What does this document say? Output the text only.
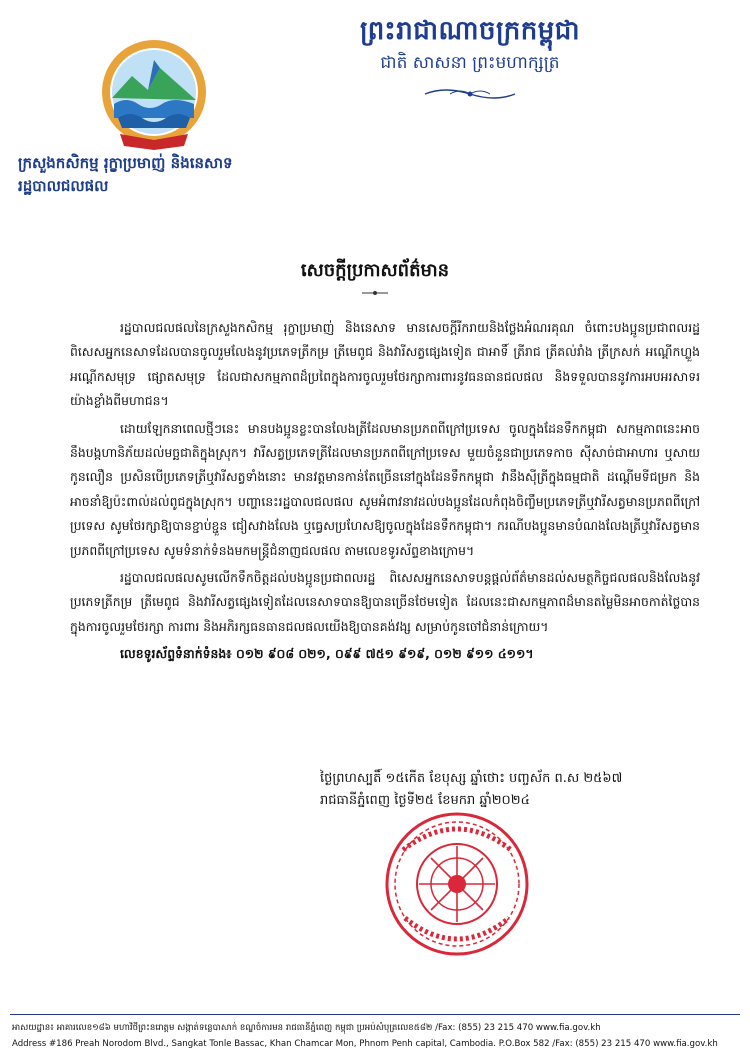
ព្រះរាជាណាចក្រកម្ពុជា
ជាតិ សាសនា ព្រះមហាក្សត្រ
ក្រសួងកសិកម្ម រុក្ខាប្រមាញ់ និងនេសាទ
រដ្ឋបាលជលផល
សេចក្តីប្រកាសព័ត៌មាន

រដ្ឋបាលជលផលនៃក្រសួងកសិកម្ម រុក្ខាប្រមាញ់ និងនេសាទ មានសេចក្តីរីករាយនិងថ្លែងអំណរគុណ ចំពោះបងប្អូនប្រជាពលរដ្ឋ ពិសេសអ្នកនេសាទដែលបានចូលរួមលែងនូវប្រភេទត្រីកម្រ ត្រីមេពូជ និងវារីសត្វផ្សេងទៀត ជាអាទិ៍ ត្រីរាជ ត្រីគល់រាំង ត្រីក្រសក់ អណ្តើកហ្លួង អណ្តើកសមុទ្រ ផ្សោតសមុទ្រ ដែលជាសកម្មភាពដ៏ប្រពៃក្នុងការចូលរួមថែរក្សាការពារនូវធនធានជលផល និងទទួលបាននូវការអបអរសាទរយ៉ាងខ្លាំងពីមហាជន។

ដោយឡែកនាពេលថ្មីៗនេះ មានបងប្អូនខ្លះបានលែងត្រីដែលមានប្រភពពីក្រៅប្រទេស ចូលក្នុងដែនទឹកកម្ពុជា សកម្មភាពនេះអាចនឹងបង្កហានិភ័យដល់មច្ឆជាតិក្នុងស្រុក។ វារីសត្វប្រភេទត្រីដែលមានប្រភពពីក្រៅប្រទេស មួយចំនួនជាប្រភេទកាច ស៊ីសាច់ជាអាហារ ឬសាយកូនលឿន ប្រសិនបើប្រភេទត្រីឬវារីសត្វទាំងនោះ មានវត្តមានកាន់តែច្រើននៅក្នុងដែនទឹកកម្ពុជា វានឹងស៊ីត្រីក្នុងធម្មជាតិ ដណ្តើមទីជម្រក និងអាចនាំឱ្យប៉ះពាល់ដល់ពូជក្នុងស្រុក។ បញ្ហានេះរដ្ឋបាលជលផល សូមអំពាវនាវដល់បងប្អូនដែលកំពុងចិញ្ចឹមប្រភេទត្រីឬវារីសត្វមានប្រភពពីក្រៅប្រទេស សូមថែរក្សាឱ្យបានខ្ជាប់ខ្ជួន ជៀសវាងលែង ឬធ្វេសប្រហែសឱ្យចូលក្នុងដែនទឹកកម្ពុជា។ ករណីបងប្អូនមានបំណងលែងត្រីឬវារីសត្វមានប្រភពពីក្រៅប្រទេស សូមទំនាក់ទំនងមកមន្ត្រីជំនាញជលផល តាមលេខទូរស័ព្ទខាងក្រោម។

រដ្ឋបាលជលផលសូមលើកទឹកចិត្តដល់បងប្អូនប្រជាពលរដ្ឋ ពិសេសអ្នកនេសាទបន្តផ្តល់ព័ត៌មានដល់សមត្ថកិច្ចជលផលនិងលែងនូវប្រភេទត្រីកម្រ ត្រីមេពូជ និងវារីសត្វផ្សេងទៀតដែលនេសាទបានឱ្យបានច្រើនថែមទៀត ដែលនេះជាសកម្មភាពដ៏មានតម្លៃមិនអាចកាត់ថ្លៃបាន ក្នុងការចូលរួមថែរក្សា ការពារ និងអភិរក្សធនធានជលផលយើងឱ្យបានគង់វង្ស សម្រាប់កូនចៅជំនាន់ក្រោយ។

លេខទូរស័ព្ទទំនាក់ទំនង៖ ០១២ ៩០៨ ០២១, ០៩៩ ៧៥១ ៩១៩, ០១២ ៩១១ ៤១១។

ថ្ងៃព្រហស្បតិ៍ ១៥កើត ខែបុស្ស ឆ្នាំថោះ បញ្ចស័ក ព.ស ២៥៦៧
រាជធានីភ្នំពេញ ថ្ងៃទី២៥ ខែមករា ឆ្នាំ២០២៤
អាសយដ្ឋាន៖ អាគារលេខ១៨៦ មហាវិថីព្រះនរោត្តម សង្កាត់ទន្លេបាសាក់ ខណ្ឌចំការមន រាជធានីភ្នំពេញ កម្ពុជា ប្រអប់សំបុត្រលេខ៥៨២ /Fax: (855) 23 215 470 www.fia.gov.kh
Address #186 Preah Norodom Blvd., Sangkat Tonle Bassac, Khan Chamcar Mon, Phnom Penh capital, Cambodia. P.O.Box 582 /Fax: (855) 23 215 470 www.fia.gov.kh
